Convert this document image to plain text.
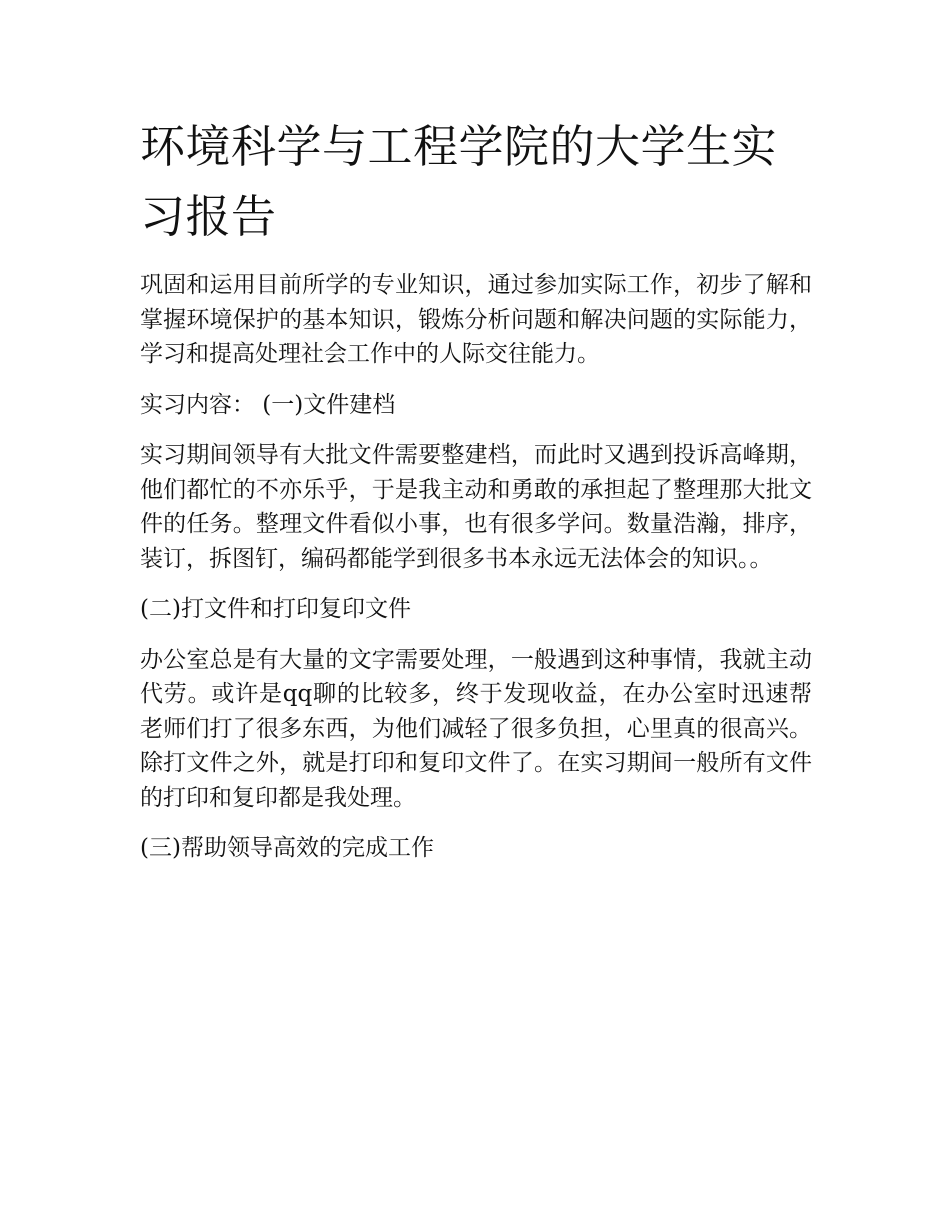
环境科学与工程学院的大学生实习报告

巩固和运用目前所学的专业知识，通过参加实际工作，初步了解和掌握环境保护的基本知识，锻炼分析问题和解决问题的实际能力，学习和提高处理社会工作中的人际交往能力。

实习内容： (一)文件建档

实习期间领导有大批文件需要整建档，而此时又遇到投诉高峰期，他们都忙的不亦乐乎，于是我主动和勇敢的承担起了整理那大批文件的任务。整理文件看似小事，也有很多学问。数量浩瀚，排序，装订，拆图钉，编码都能学到很多书本永远无法体会的知识。。

(二)打文件和打印复印文件

办公室总是有大量的文字需要处理，一般遇到这种事情，我就主动代劳。或许是qq聊的比较多，终于发现收益，在办公室时迅速帮老师们打了很多东西，为他们减轻了很多负担，心里真的很高兴。除打文件之外，就是打印和复印文件了。在实习期间一般所有文件的打印和复印都是我处理。

(三)帮助领导高效的完成工作
